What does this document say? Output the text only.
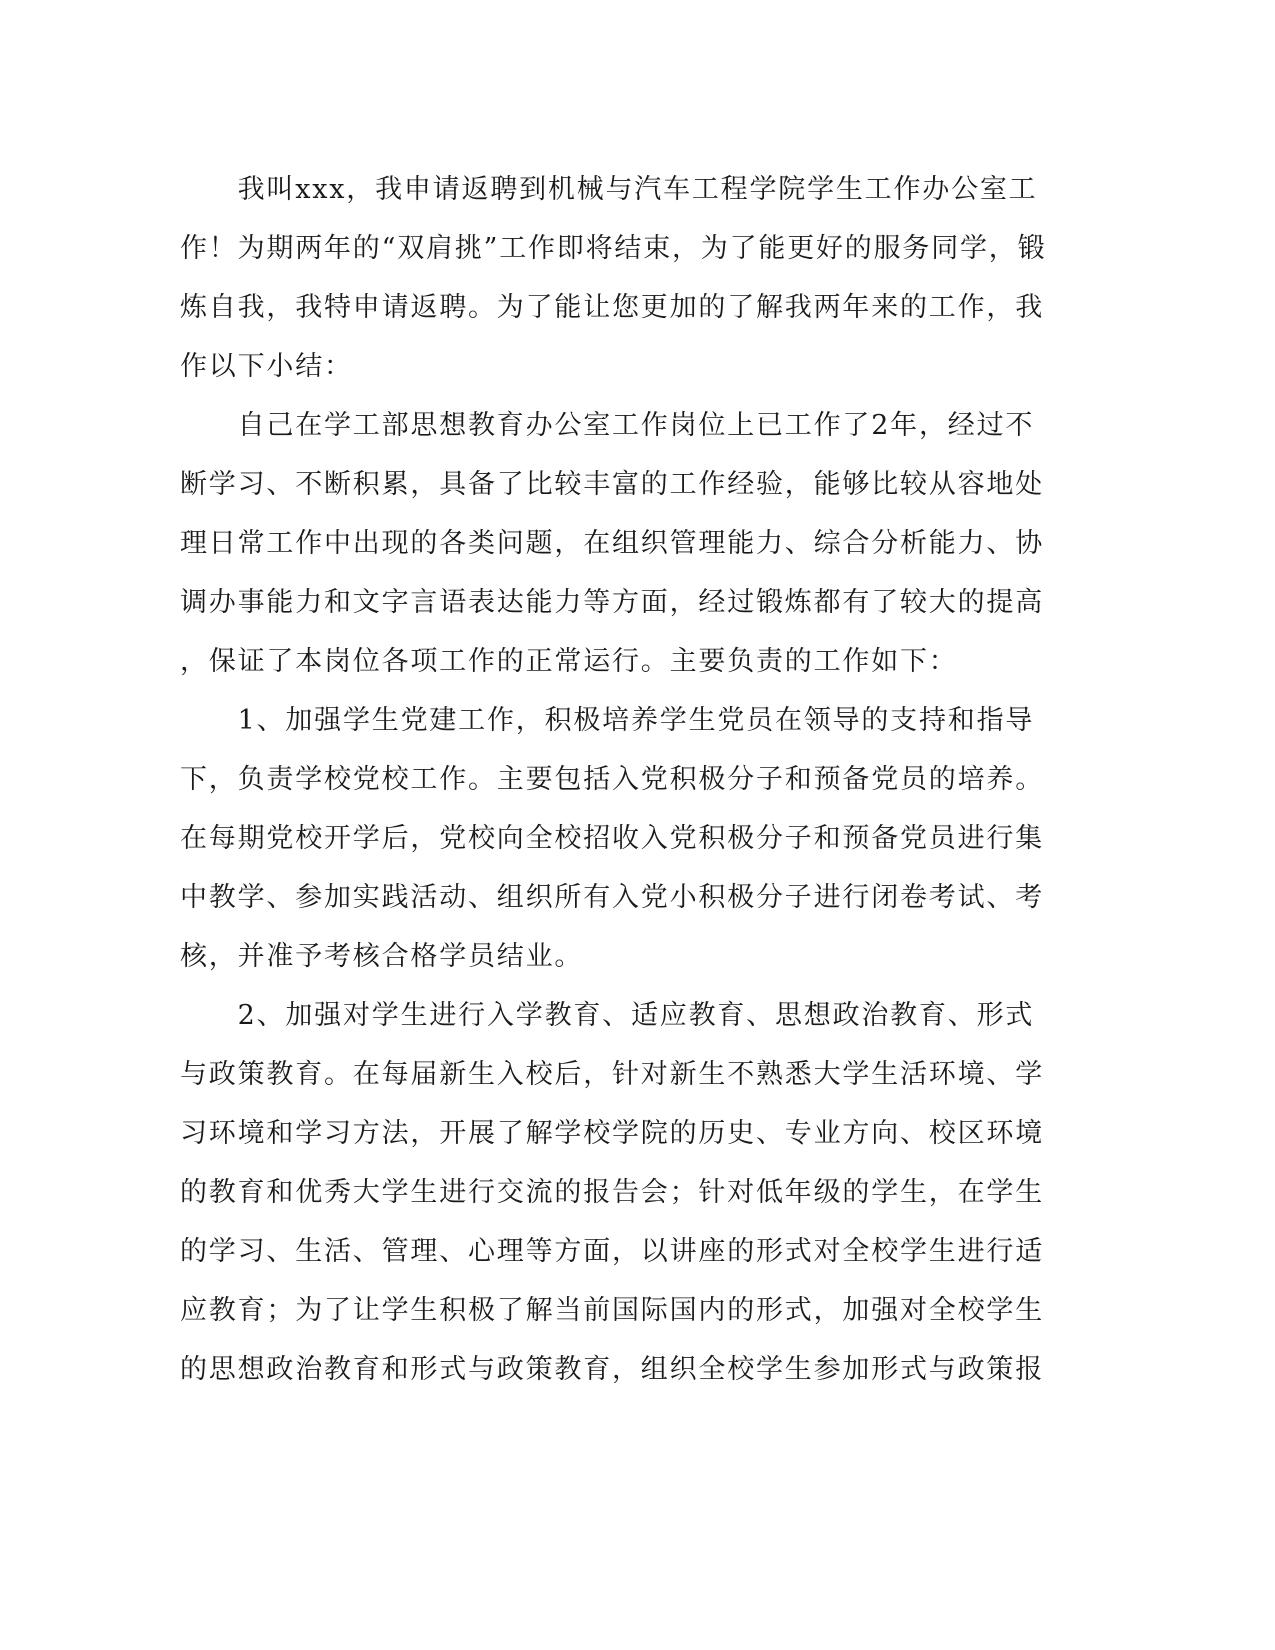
　　我叫xxx，我申请返聘到机械与汽车工程学院学生工作办公室工
作！为期两年的“双肩挑”工作即将结束，为了能更好的服务同学，锻
炼自我，我特申请返聘。为了能让您更加的了解我两年来的工作，我
作以下小结：
　　自己在学工部思想教育办公室工作岗位上已工作了2年，经过不
断学习、不断积累，具备了比较丰富的工作经验，能够比较从容地处
理日常工作中出现的各类问题，在组织管理能力、综合分析能力、协
调办事能力和文字言语表达能力等方面，经过锻炼都有了较大的提高
，保证了本岗位各项工作的正常运行。主要负责的工作如下：
　　1、加强学生党建工作，积极培养学生党员在领导的支持和指导
下，负责学校党校工作。主要包括入党积极分子和预备党员的培养。
在每期党校开学后，党校向全校招收入党积极分子和预备党员进行集
中教学、参加实践活动、组织所有入党小积极分子进行闭卷考试、考
核，并准予考核合格学员结业。
　　2、加强对学生进行入学教育、适应教育、思想政治教育、形式
与政策教育。在每届新生入校后，针对新生不熟悉大学生活环境、学
习环境和学习方法，开展了解学校学院的历史、专业方向、校区环境
的教育和优秀大学生进行交流的报告会；针对低年级的学生，在学生
的学习、生活、管理、心理等方面，以讲座的形式对全校学生进行适
应教育；为了让学生积极了解当前国际国内的形式，加强对全校学生
的思想政治教育和形式与政策教育，组织全校学生参加形式与政策报
